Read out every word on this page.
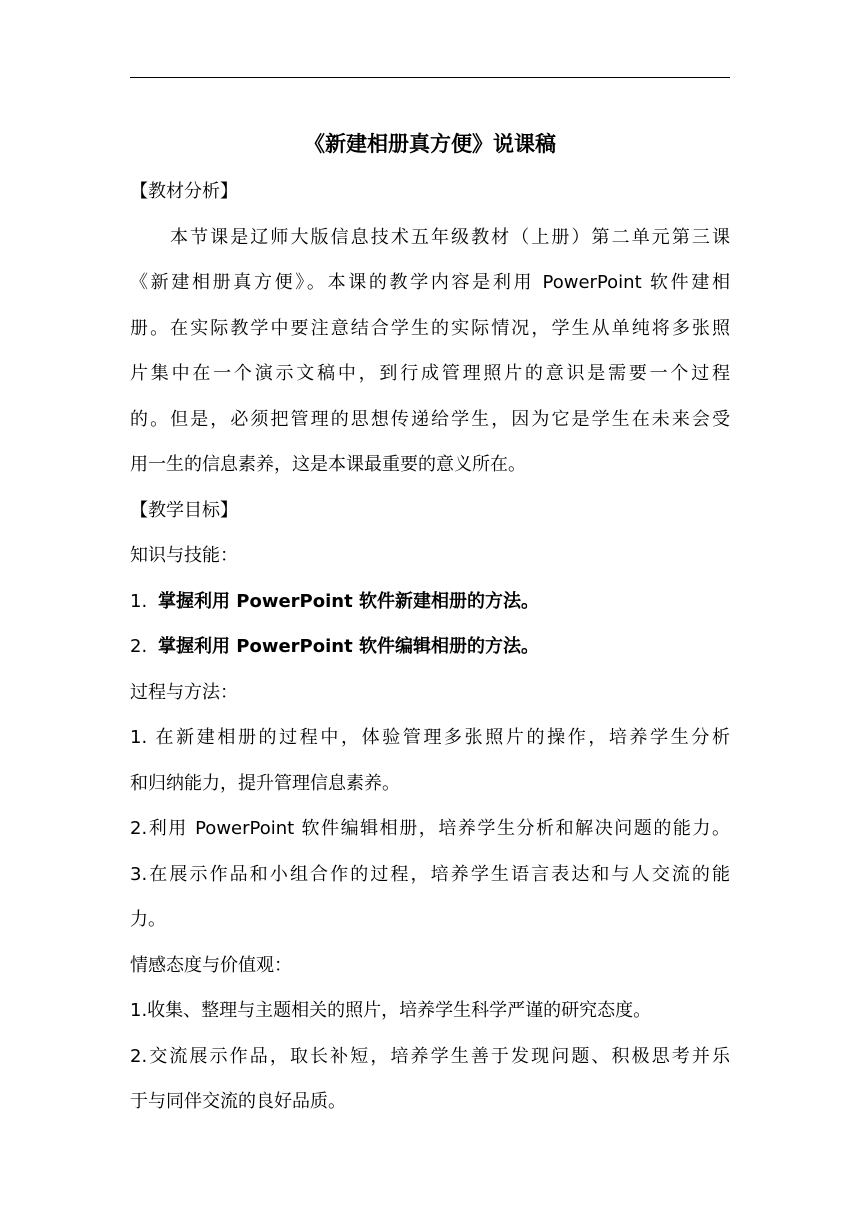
《新建相册真方便》说课稿
【教材分析】
本节课是辽师大版信息技术五年级教材（上册）第二单元第三课
《新建相册真方便》。本课的教学内容是利用 PowerPoint 软件建相
册。在实际教学中要注意结合学生的实际情况，学生从单纯将多张照
片集中在一个演示文稿中，到行成管理照片的意识是需要一个过程
的。但是，必须把管理的思想传递给学生，因为它是学生在未来会受
用一生的信息素养，这是本课最重要的意义所在。
【教学目标】
知识与技能：
1. 掌握利用 PowerPoint 软件新建相册的方法。
2. 掌握利用 PowerPoint 软件编辑相册的方法。
过程与方法：
1. 在新建相册的过程中，体验管理多张照片的操作，培养学生分析
和归纳能力，提升管理信息素养。
2.利用 PowerPoint 软件编辑相册，培养学生分析和解决问题的能力。
3.在展示作品和小组合作的过程，培养学生语言表达和与人交流的能
力。
情感态度与价值观：
1.收集、整理与主题相关的照片，培养学生科学严谨的研究态度。
2.交流展示作品，取长补短，培养学生善于发现问题、积极思考并乐
于与同伴交流的良好品质。
